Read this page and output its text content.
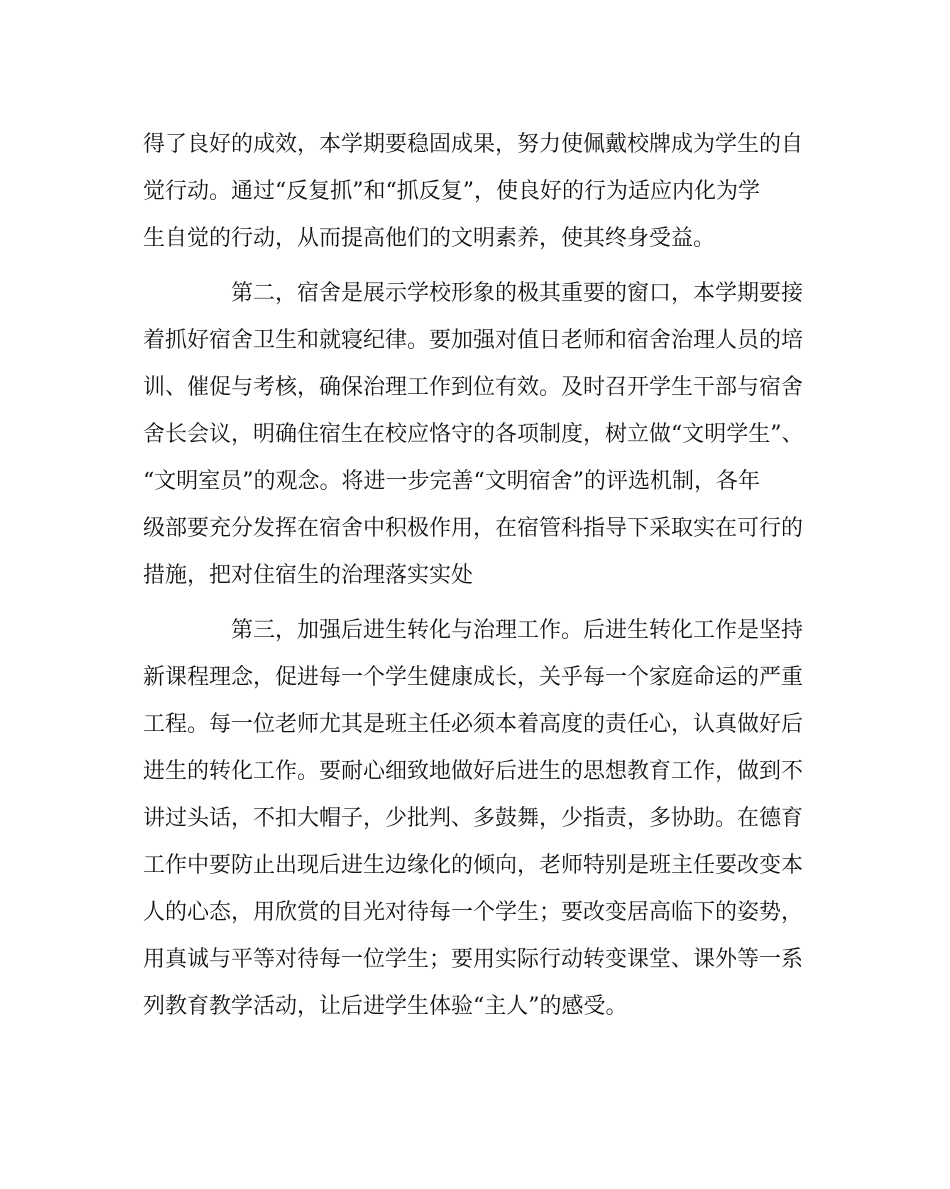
得了良好的成效，本学期要稳固成果，努力使佩戴校牌成为学生的自

觉行动。通过“反复抓”和“抓反复”，使良好的行为适应内化为学

生自觉的行动，从而提高他们的文明素养，使其终身受益。

第二，宿舍是展示学校形象的极其重要的窗口，本学期要接

着抓好宿舍卫生和就寝纪律。要加强对值日老师和宿舍治理人员的培

训、催促与考核，确保治理工作到位有效。及时召开学生干部与宿舍

舍长会议，明确住宿生在校应恪守的各项制度，树立做“文明学生”、

“文明室员”的观念。将进一步完善“文明宿舍”的评选机制，各年

级部要充分发挥在宿舍中积极作用，在宿管科指导下采取实在可行的

措施，把对住宿生的治理落实实处

第三，加强后进生转化与治理工作。后进生转化工作是坚持

新课程理念，促进每一个学生健康成长，关乎每一个家庭命运的严重

工程。每一位老师尤其是班主任必须本着高度的责任心，认真做好后

进生的转化工作。要耐心细致地做好后进生的思想教育工作，做到不

讲过头话，不扣大帽子，少批判、多鼓舞，少指责，多协助。在德育

工作中要防止出现后进生边缘化的倾向，老师特别是班主任要改变本

人的心态，用欣赏的目光对待每一个学生；要改变居高临下的姿势，

用真诚与平等对待每一位学生；要用实际行动转变课堂、课外等一系

列教育教学活动，让后进学生体验“主人”的感受。
